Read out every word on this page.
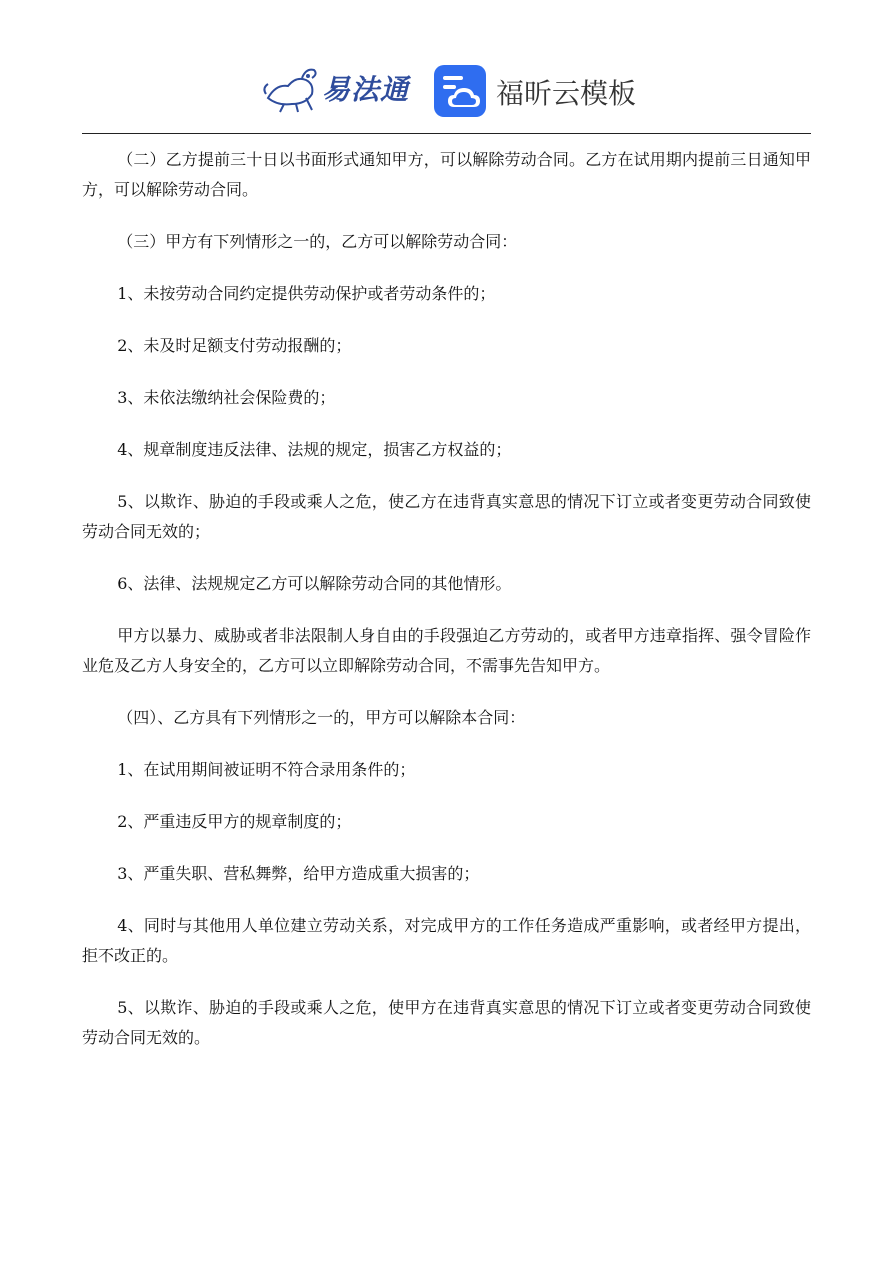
易法通	福昕云模板

（二）乙方提前三十日以书面形式通知甲方，可以解除劳动合同。乙方在试用期内提前三日通知甲方，可以解除劳动合同。

（三）甲方有下列情形之一的，乙方可以解除劳动合同：

1、未按劳动合同约定提供劳动保护或者劳动条件的；

2、未及时足额支付劳动报酬的；

3、未依法缴纳社会保险费的；

4、规章制度违反法律、法规的规定，损害乙方权益的；

5、以欺诈、胁迫的手段或乘人之危，使乙方在违背真实意思的情况下订立或者变更劳动合同致使劳动合同无效的；

6、法律、法规规定乙方可以解除劳动合同的其他情形。

甲方以暴力、威胁或者非法限制人身自由的手段强迫乙方劳动的，或者甲方违章指挥、强令冒险作业危及乙方人身安全的，乙方可以立即解除劳动合同，不需事先告知甲方。

（四）、乙方具有下列情形之一的，甲方可以解除本合同：

1、在试用期间被证明不符合录用条件的；

2、严重违反甲方的规章制度的；

3、严重失职、营私舞弊，给甲方造成重大损害的；

4、同时与其他用人单位建立劳动关系，对完成甲方的工作任务造成严重影响，或者经甲方提出，拒不改正的。

5、以欺诈、胁迫的手段或乘人之危，使甲方在违背真实意思的情况下订立或者变更劳动合同致使劳动合同无效的。
